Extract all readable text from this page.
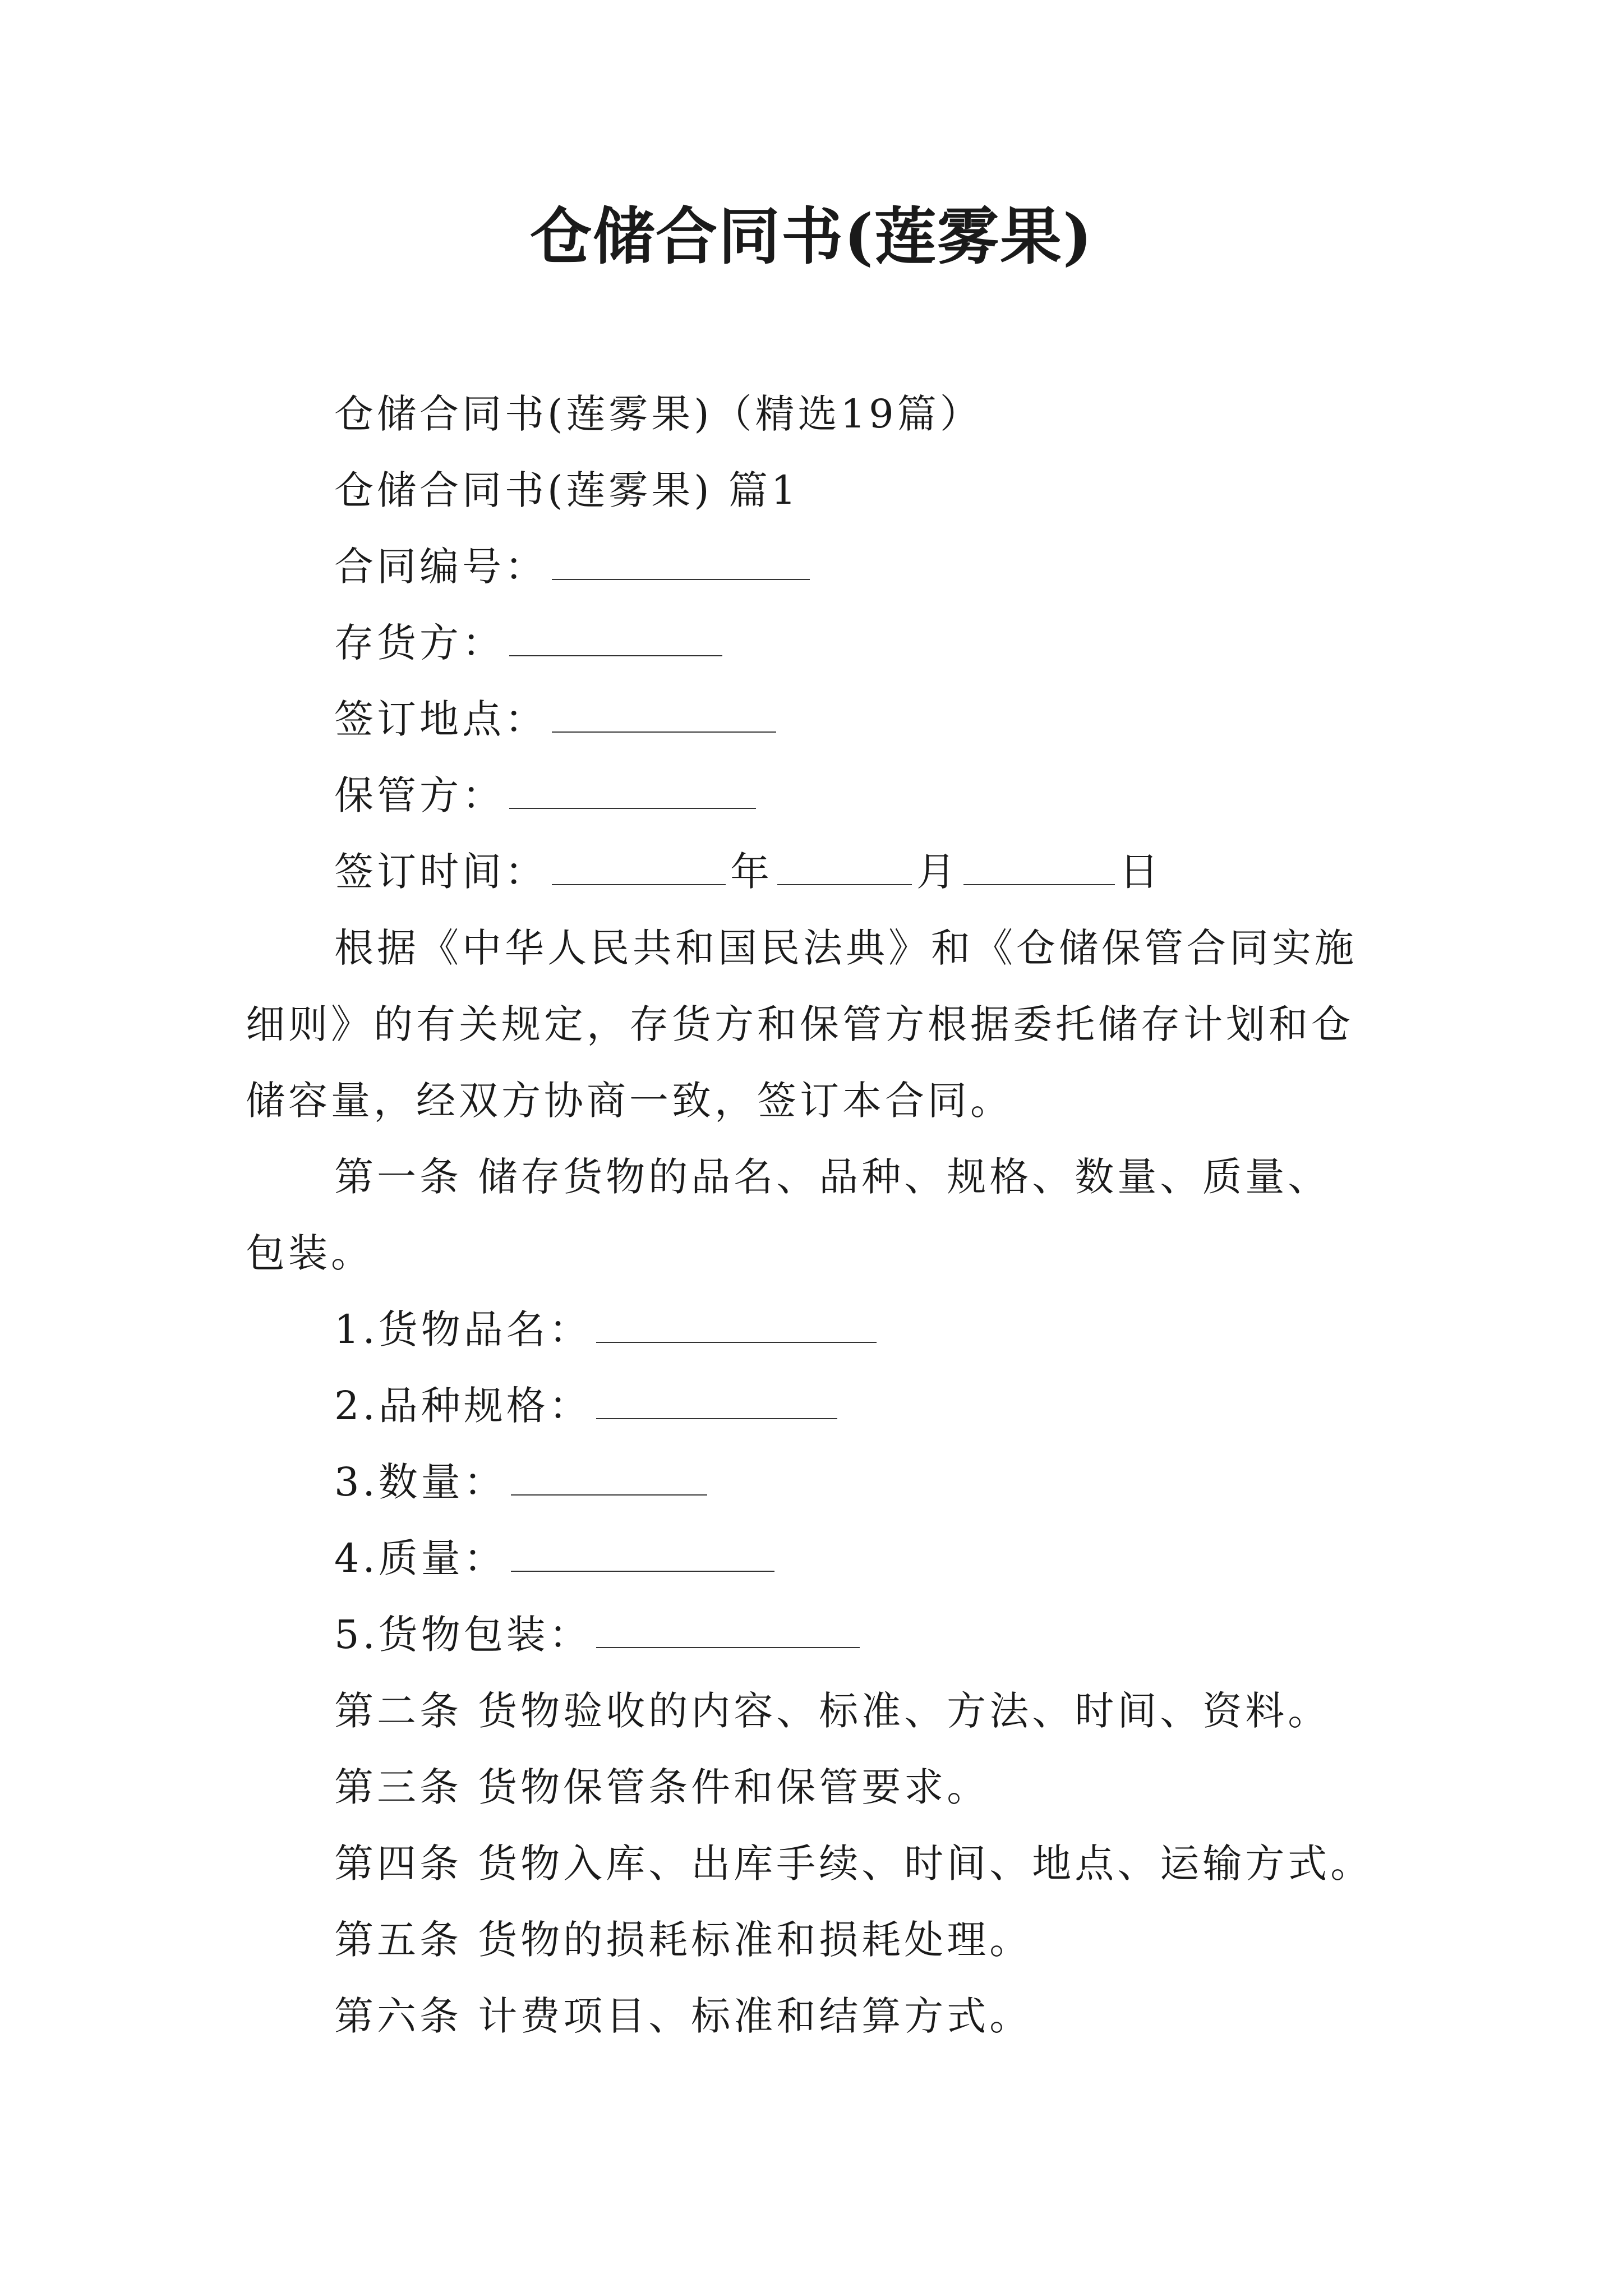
仓储合同书(莲雾果)
仓储合同书(莲雾果)（精选19篇）
仓储合同书(莲雾果) 篇1
合同编号：
存货方：
签订地点：
保管方：
签订时间：	年	月	日
根据《中华人民共和国民法典》和《仓储保管合同实施
细则》的有关规定，存货方和保管方根据委托储存计划和仓
储容量，经双方协商一致，签订本合同。
第一条 储存货物的品名、品种、规格、数量、质量、
包装。
1.货物品名：
2.品种规格：
3.数量：
4.质量：
5.货物包装：
第二条 货物验收的内容、标准、方法、时间、资料。
第三条 货物保管条件和保管要求。
第四条 货物入库、出库手续、时间、地点、运输方式。
第五条 货物的损耗标准和损耗处理。
第六条 计费项目、标准和结算方式。
